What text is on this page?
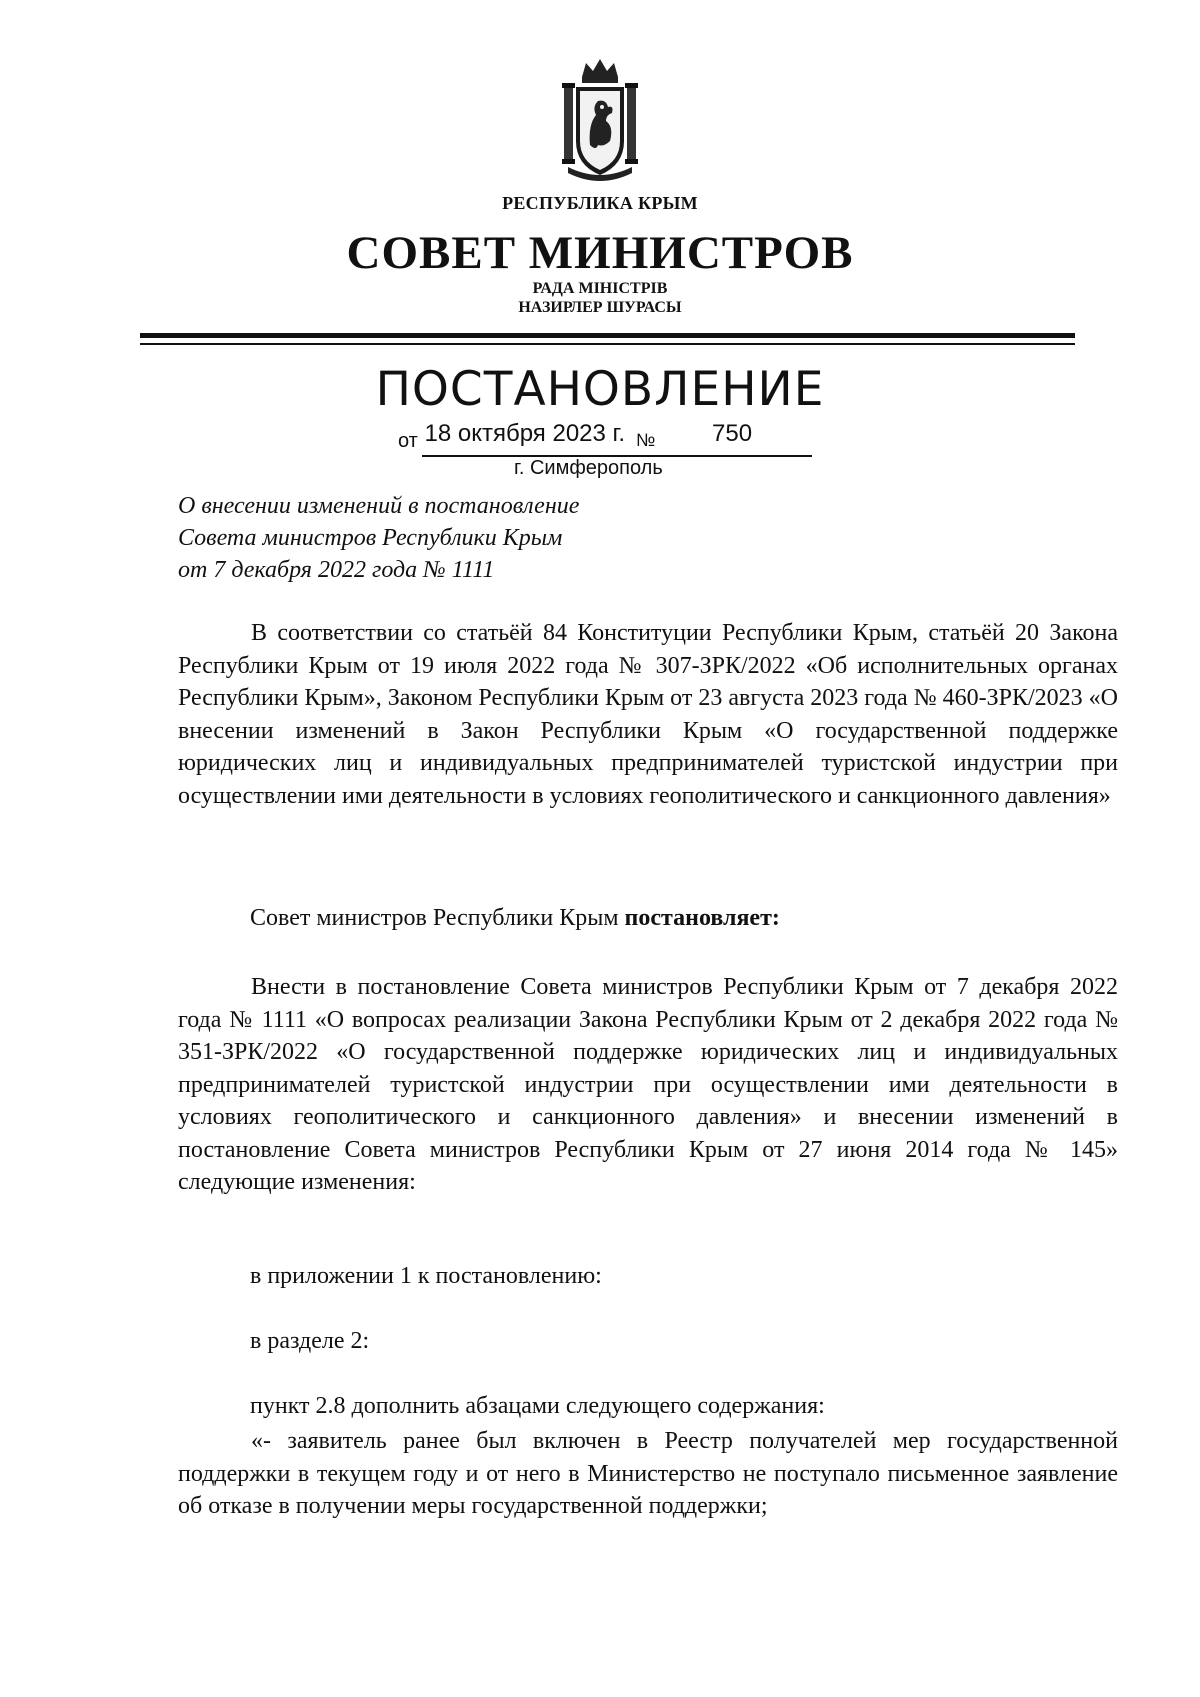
РЕСПУБЛИКА КРЫМ
СОВЕТ МИНИСТРОВ
РАДА МІНІСТРІВ
НАЗИРЛЕР ШУРАСЫ
ПОСТАНОВЛЕНИЕ
$_{от}$ 18 октября 2023 г. № 750
г. Симферополь
О внесении изменений в постановление
Совета министров Республики Крым
от 7 декабря 2022 года № 1111

В соответствии со статьёй 84 Конституции Республики Крым, статьёй 20 Закона Республики Крым от 19 июля 2022 года № 307-ЗРК/2022 «Об исполнительных органах Республики Крым», Законом Республики Крым от 23 августа 2023 года № 460-ЗРК/2023 «О внесении изменений в Закон Республики Крым «О государственной поддержке юридических лиц и индивидуальных предпринимателей туристской индустрии при осуществлении ими деятельности в условиях геополитического и санкционного давления»

Совет министров Республики Крым постановляет:

Внести в постановление Совета министров Республики Крым от 7 декабря 2022 года № 1111 «О вопросах реализации Закона Республики Крым от 2 декабря 2022 года № 351-ЗРК/2022 «О государственной поддержке юридических лиц и индивидуальных предпринимателей туристской индустрии при осуществлении ими деятельности в условиях геополитического и санкционного давления» и внесении изменений в постановление Совета министров Республики Крым от 27 июня 2014 года № 145» следующие изменения:

в приложении 1 к постановлению:

в разделе 2:

пункт 2.8 дополнить абзацами следующего содержания:

«- заявитель ранее был включен в Реестр получателей мер государственной поддержки в текущем году и от него в Министерство не поступало письменное заявление об отказе в получении меры государственной поддержки;
